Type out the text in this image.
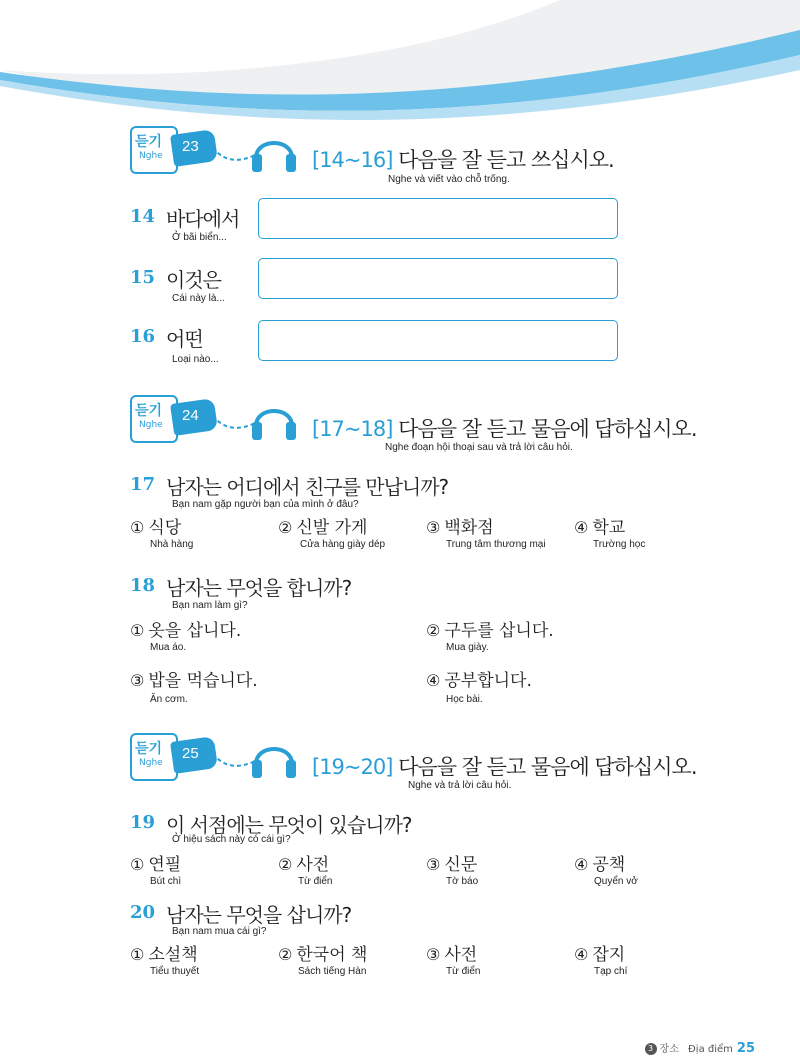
듣기
Nghe
23
[14~16] 다음을 잘 듣고 쓰십시오.
Nghe và viết vào chỗ trống.
14 바다에서
Ở bãi biển...
15 이것은
Cái này là...
16 어떤
Loại nào...
듣기
Nghe
24
[17~18] 다음을 잘 듣고 물음에 답하십시오.
Nghe đoạn hội thoại sau và trả lời câu hỏi.
17 남자는 어디에서 친구를 만납니까?
Bạn nam gặp người bạn của mình ở đâu?
① 식당
Nhà hàng
② 신발 가게
Cửa hàng giày dép
③ 백화점
Trung tâm thương mại
④ 학교
Trường học
18 남자는 무엇을 합니까?
Bạn nam làm gì?
① 옷을 삽니다.
Mua áo.
② 구두를 삽니다.
Mua giày.
③ 밥을 먹습니다.
Ăn cơm.
④ 공부합니다.
Học bài.
듣기
Nghe
25
[19~20] 다음을 잘 듣고 물음에 답하십시오.
Nghe và trả lời câu hỏi.
19 이 서점에는 무엇이 있습니까?
Ở hiệu sách này có cái gì?
① 연필
Bút chì
② 사전
Từ điển
③ 신문
Tờ báo
④ 공책
Quyển vở
20 남자는 무엇을 삽니까?
Bạn nam mua cái gì?
① 소설책
Tiểu thuyết
② 한국어 책
Sách tiếng Hàn
③ 사전
Từ điển
④ 잡지
Tạp chí
3 장소 Địa điểm 25
